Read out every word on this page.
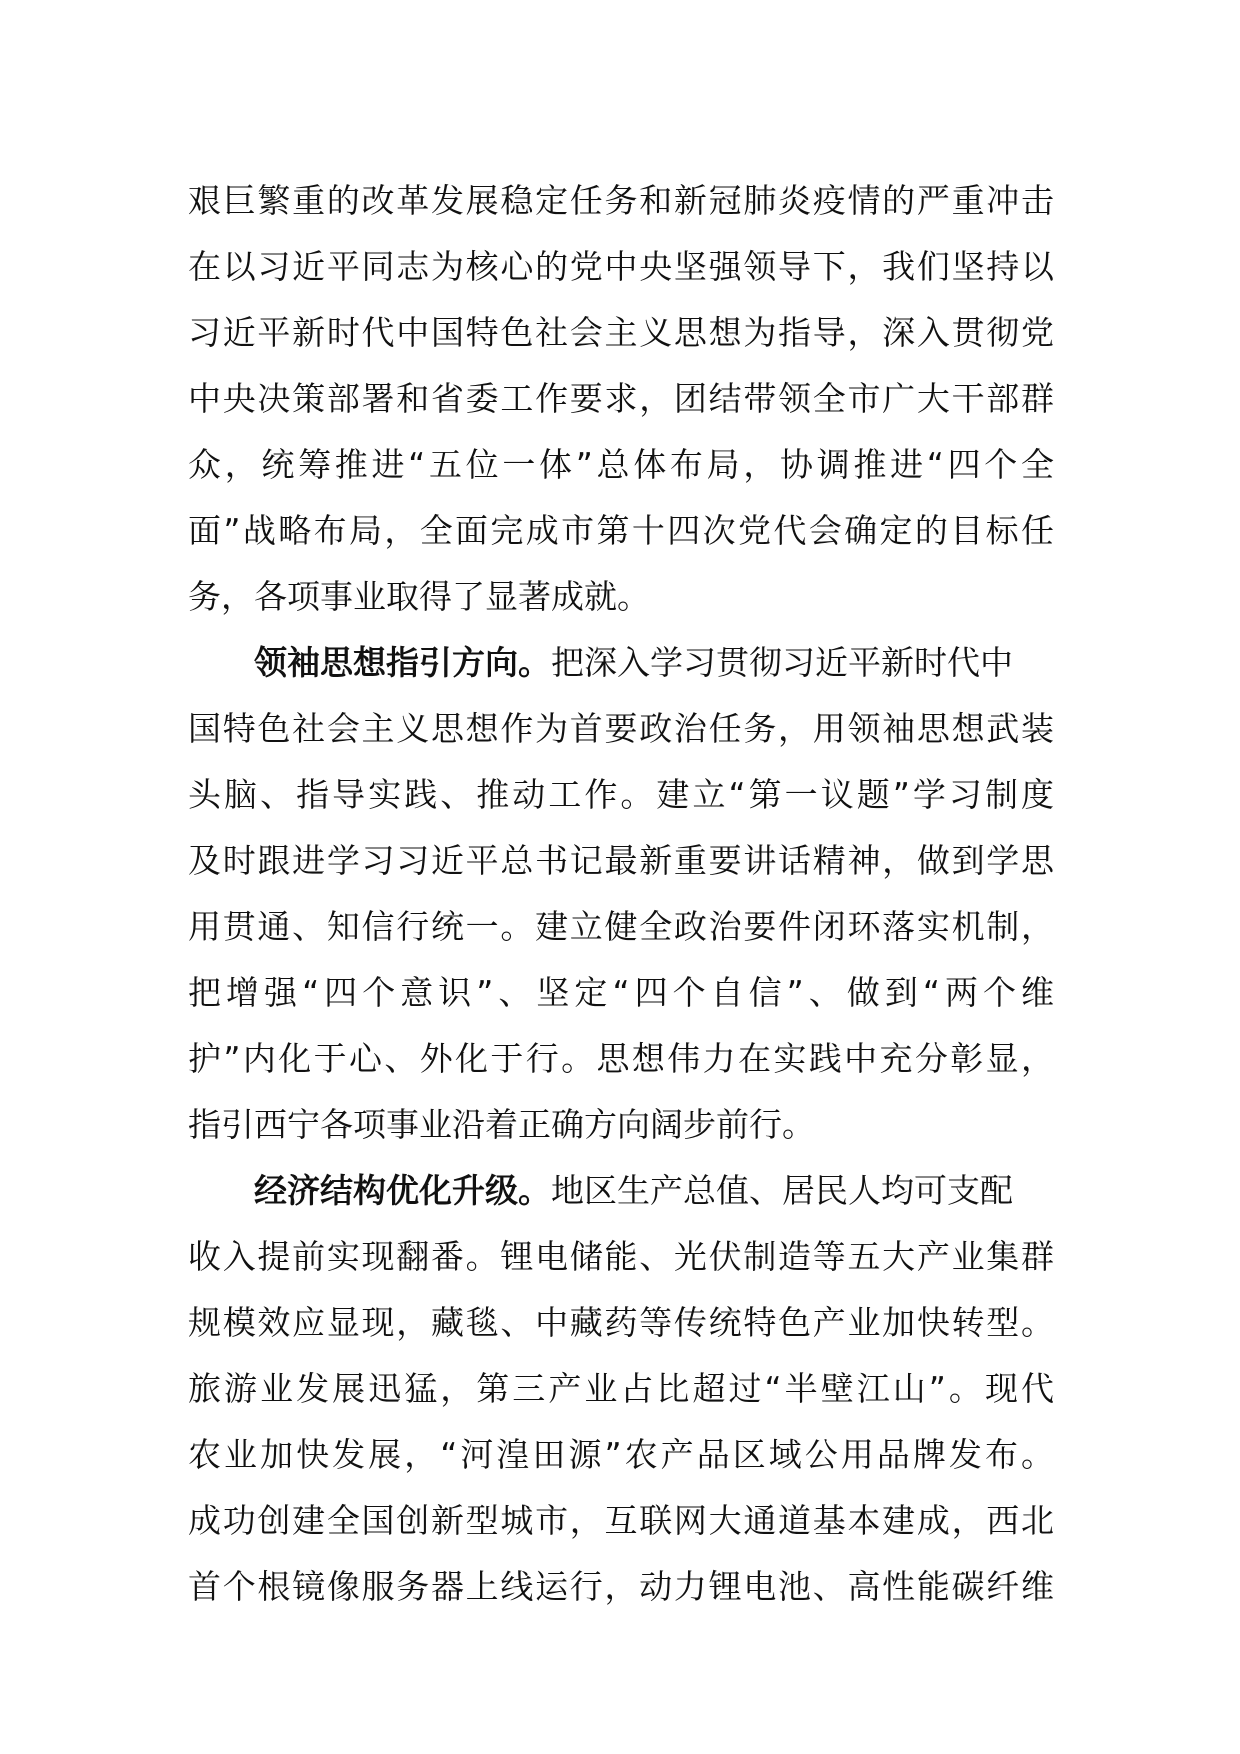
艰巨繁重的改革发展稳定任务和新冠肺炎疫情的严重冲击
在以习近平同志为核心的党中央坚强领导下，我们坚持以
习近平新时代中国特色社会主义思想为指导，深入贯彻党
中央决策部署和省委工作要求，团结带领全市广大干部群
众，统筹推进“五位一体”总体布局，协调推进“四个全
面”战略布局，全面完成市第十四次党代会确定的目标任
务，各项事业取得了显著成就。
领袖思想指引方向。把深入学习贯彻习近平新时代中
国特色社会主义思想作为首要政治任务，用领袖思想武装
头脑、指导实践、推动工作。建立“第一议题”学习制度
及时跟进学习习近平总书记最新重要讲话精神，做到学思
用贯通、知信行统一。建立健全政治要件闭环落实机制，
把增强“四个意识”、坚定“四个自信”、做到“两个维
护”内化于心、外化于行。思想伟力在实践中充分彰显，
指引西宁各项事业沿着正确方向阔步前行。
经济结构优化升级。地区生产总值、居民人均可支配
收入提前实现翻番。锂电储能、光伏制造等五大产业集群
规模效应显现，藏毯、中藏药等传统特色产业加快转型。
旅游业发展迅猛，第三产业占比超过“半壁江山”。现代
农业加快发展，“河湟田源”农产品区域公用品牌发布。
成功创建全国创新型城市，互联网大通道基本建成，西北
首个根镜像服务器上线运行，动力锂电池、高性能碳纤维
